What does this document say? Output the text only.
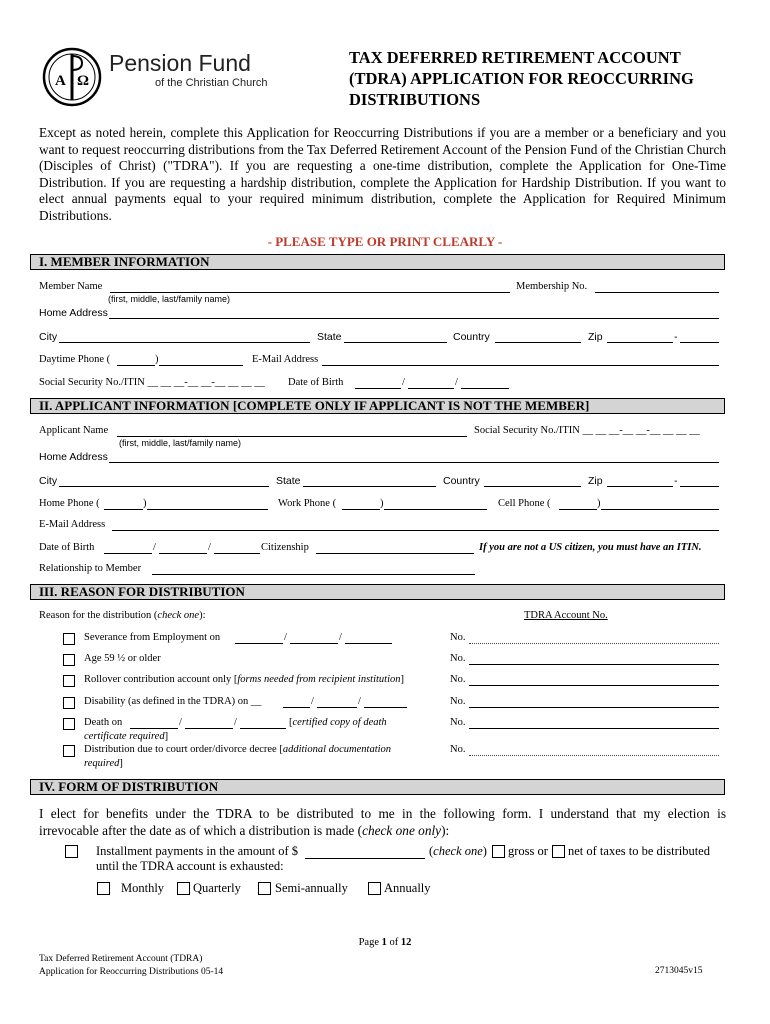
A Ω
Pension Fund
of the Christian Church
TAX DEFERRED RETIREMENT ACCOUNT
(TDRA) APPLICATION FOR REOCCURRING
DISTRIBUTIONS
Except as noted herein, complete this Application for Reoccurring Distributions if you are a member or a beneficiary and you want to request reoccurring distributions from the Tax Deferred Retirement Account of the Pension Fund of the Christian Church (Disciples of Christ) ("TDRA"). If you are requesting a one-time distribution, complete the Application for One-Time Distribution. If you are requesting a hardship distribution, complete the Application for Hardship Distribution. If you want to elect annual payments equal to your required minimum distribution, complete the Application for Required Minimum Distributions.
- PLEASE TYPE OR PRINT CLEARLY -
I. MEMBER INFORMATION
Member Name	Membership No.
(first, middle, last/family name)
Home Address
City	State	Country	Zip	-
Daytime Phone (	)	E-Mail Address
Social Security No./ITIN __ __ __-__ __-__ __ __ __ Date of Birth	/	/
II. APPLICANT INFORMATION [COMPLETE ONLY IF APPLICANT IS NOT THE MEMBER]
Applicant Name	Social Security No./ITIN __ __ __-__ __-__ __ __ __
(first, middle, last/family name)
Home Address
City	State	Country	Zip	-
Home Phone (	)	Work Phone (	)	Cell Phone (	)
E-Mail Address
Date of Birth	/	/	Citizenship	If you are not a US citizen, you must have an ITIN.
Relationship to Member
III. REASON FOR DISTRIBUTION
Reason for the distribution (check one):	TDRA Account No.
Severance from Employment on	/	/	No.
Age 59 ½ or older	No.
Rollover contribution account only [forms needed from recipient institution]	No.
Disability (as defined in the TDRA) on __	/	/	No.
Death on	/	/	[certified copy of death
certificate required]
No.
Distribution due to court order/divorce decree [additional documentation
required]
No.
IV. FORM OF DISTRIBUTION
I elect for benefits under the TDRA to be distributed to me in the following form. I understand that my election is
irrevocable after the date as of which a distribution is made (check one only):
Installment payments in the amount of $	(check one) gross or net of taxes to be distributed
until the TDRA account is exhausted:
Monthly Quarterly	Semi-annually	Annually
Page 1 of 12
Tax Deferred Retirement Account (TDRA)
Application for Reoccurring Distributions 05-14	2713045v15
